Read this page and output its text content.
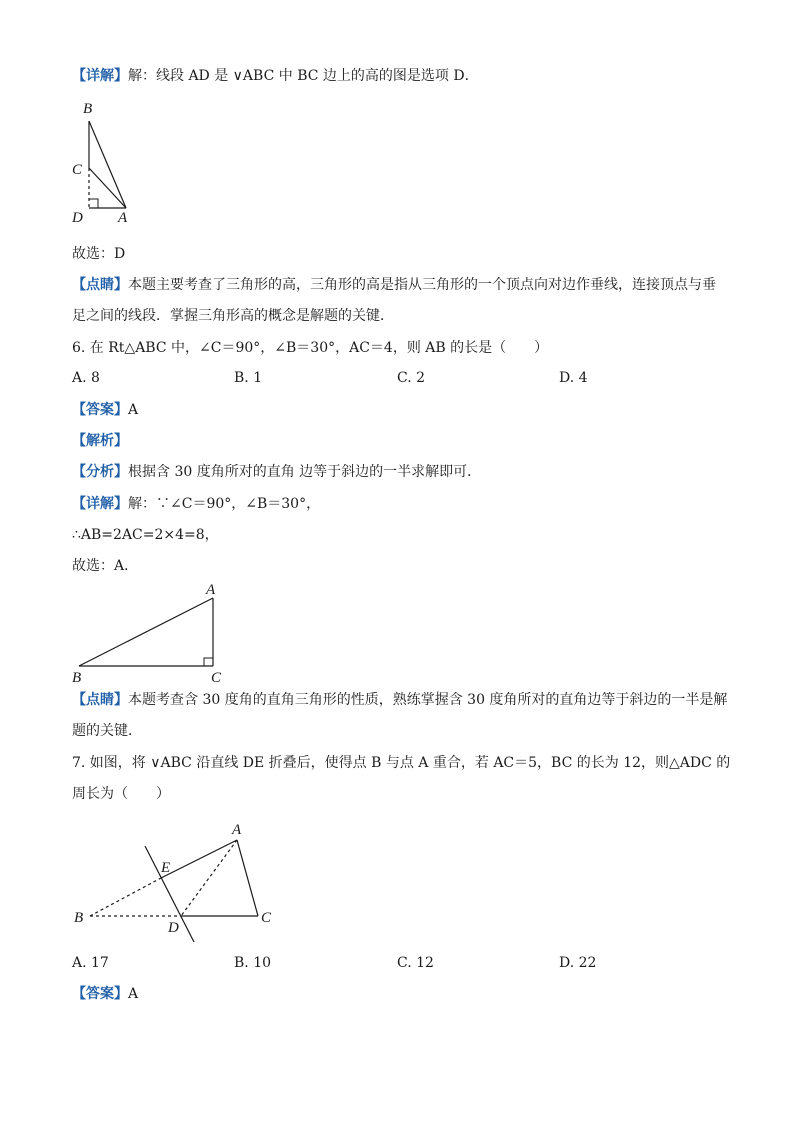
【详解】解：线段 AD 是 ∨ABC 中 BC 边上的高的图是选项 D．
B
C
D A
故选：D
【点睛】本题主要考查了三角形的高，三角形的高是指从三角形的一个顶点向对边作垂线，连接顶点与垂
足之间的线段．掌握三角形高的概念是解题的关键．
6. 在 Rt△ABC 中，∠C＝90°，∠B＝30°，AC＝4，则 AB 的长是（　　）
A. 8	B. 1	C. 2	D. 4
【答案】A
【解析】
【分析】根据含 30 度角所对的直角 边等于斜边的一半求解即可．
【详解】解：∵∠C＝90°，∠B＝30°，
∴AB=2AC=2×4=8，
故选：A．
A
B	C
【点睛】本题考查含 30 度角的直角三角形的性质，熟练掌握含 30 度角所对的直角边等于斜边的一半是解
题的关键．
7. 如图，将 ∨ABC 沿直线 DE 折叠后，使得点 B 与点 A 重合，若 AC＝5，BC 的长为 12，则△ADC 的
周长为（　　）
A
E
B
D
C
A. 17	B. 10	C. 12	D. 22
【答案】A
